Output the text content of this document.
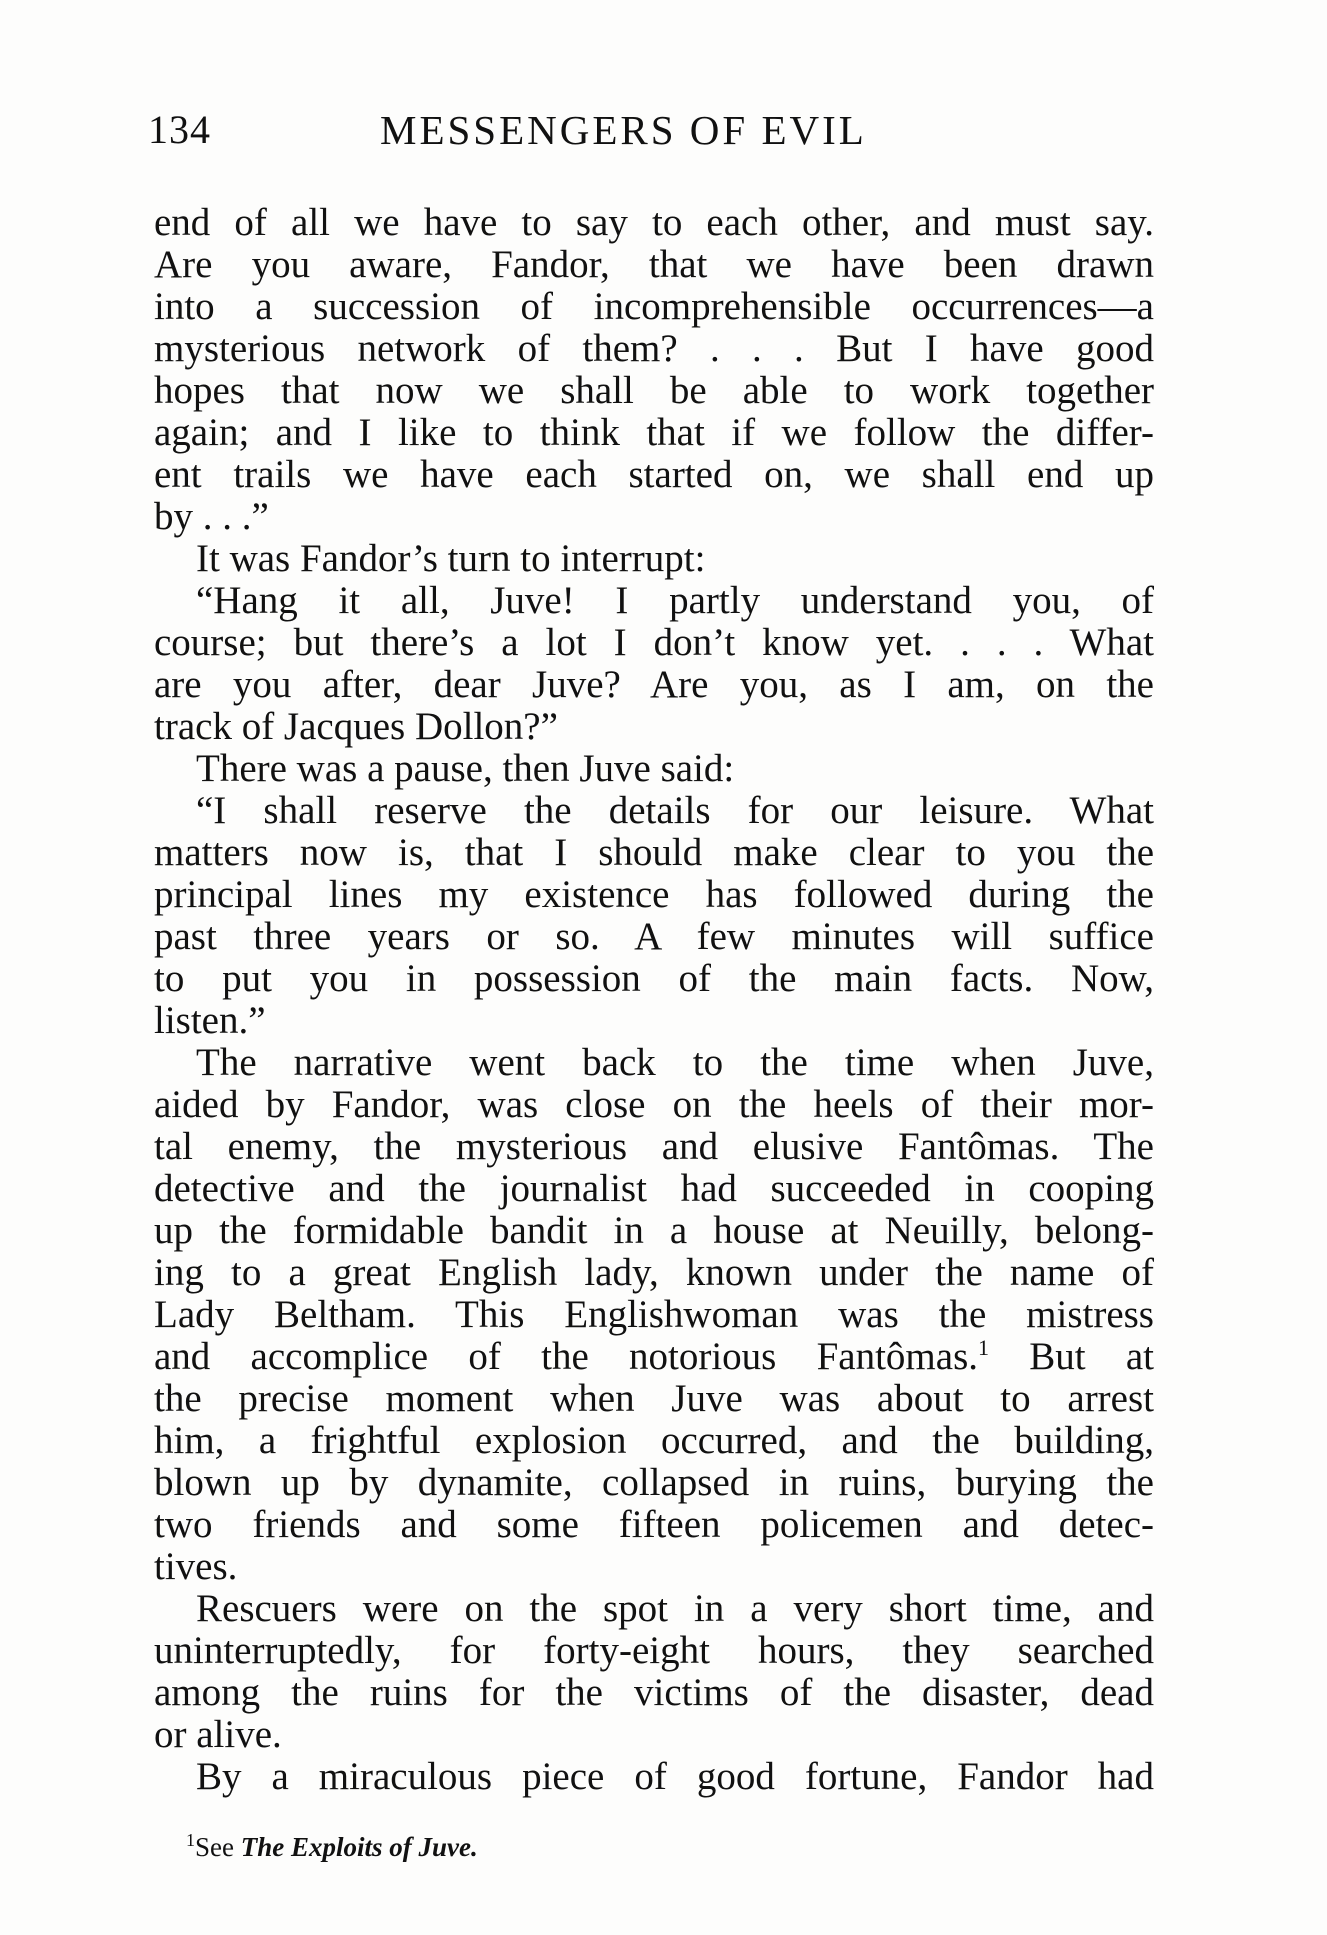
134	MESSENGERS OF EVIL
end of all we have to say to each other, and must say.
Are you aware, Fandor, that we have been drawn
into a succession of incomprehensible occurrences—a
mysterious network of them? . . . But I have good
hopes that now we shall be able to work together
again; and I like to think that if we follow the differ-
ent trails we have each started on, we shall end up
by . . .”
It was Fandor’s turn to interrupt:
“Hang it all, Juve! I partly understand you, of
course; but there’s a lot I don’t know yet. . . . What
are you after, dear Juve? Are you, as I am, on the
track of Jacques Dollon?”
There was a pause, then Juve said:
“I shall reserve the details for our leisure. What
matters now is, that I should make clear to you the
principal lines my existence has followed during the
past three years or so. A few minutes will suffice
to put you in possession of the main facts. Now,
listen.”
The narrative went back to the time when Juve,
aided by Fandor, was close on the heels of their mor-
tal enemy, the mysterious and elusive Fantômas. The
detective and the journalist had succeeded in cooping
up the formidable bandit in a house at Neuilly, belong-
ing to a great English lady, known under the name of
Lady Beltham. This Englishwoman was the mistress
and accomplice of the notorious Fantômas.$^1$ But at
the precise moment when Juve was about to arrest
him, a frightful explosion occurred, and the building,
blown up by dynamite, collapsed in ruins, burying the
two friends and some fifteen policemen and detec-
tives.
Rescuers were on the spot in a very short time, and
uninterruptedly, for forty-eight hours, they searched
among the ruins for the victims of the disaster, dead
or alive.
By a miraculous piece of good fortune, Fandor had
$^1$See The Exploits of Juve.
